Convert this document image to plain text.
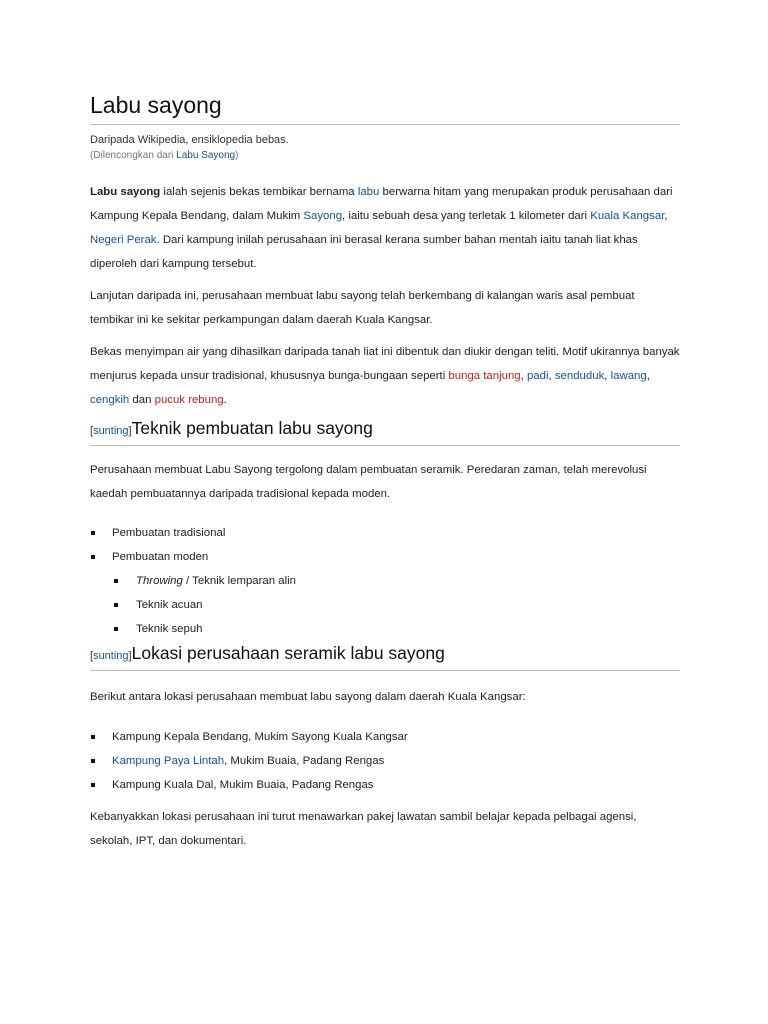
Labu sayong
Daripada Wikipedia, ensiklopedia bebas.
(Dilencongkan dari Labu Sayong)

Labu sayong ialah sejenis bekas tembikar bernama labu berwarna hitam yang merupakan produk perusahaan dari Kampung Kepala Bendang, dalam Mukim Sayong, iaitu sebuah desa yang terletak 1 kilometer dari Kuala Kangsar, Negeri Perak. Dari kampung inilah perusahaan ini berasal kerana sumber bahan mentah iaitu tanah liat khas diperoleh dari kampung tersebut.

Lanjutan daripada ini, perusahaan membuat labu sayong telah berkembang di kalangan waris asal pembuat tembikar ini ke sekitar perkampungan dalam daerah Kuala Kangsar.

Bekas menyimpan air yang dihasilkan daripada tanah liat ini dibentuk dan diukir dengan teliti. Motif ukirannya banyak menjurus kepada unsur tradisional, khususnya bunga-bungaan seperti bunga tanjung, padi, senduduk, lawang, cengkih dan pucuk rebung.

[sunting]Teknik pembuatan labu sayong

Perusahaan membuat Labu Sayong tergolong dalam pembuatan seramik. Peredaran zaman, telah merevolusi kaedah pembuatannya daripada tradisional kepada moden.

Pembuatan tradisional
Pembuatan moden
Throwing / Teknik lemparan alin
Teknik acuan
Teknik sepuh
[sunting]Lokasi perusahaan seramik labu sayong

Berikut antara lokasi perusahaan membuat labu sayong dalam daerah Kuala Kangsar:

Kampung Kepala Bendang, Mukim Sayong Kuala Kangsar
Kampung Paya Lintah, Mukim Buaia, Padang Rengas
Kampung Kuala Dal, Mukim Buaia, Padang Rengas

Kebanyakkan lokasi perusahaan ini turut menawarkan pakej lawatan sambil belajar kepada pelbagai agensi, sekolah, IPT, dan dokumentari.
